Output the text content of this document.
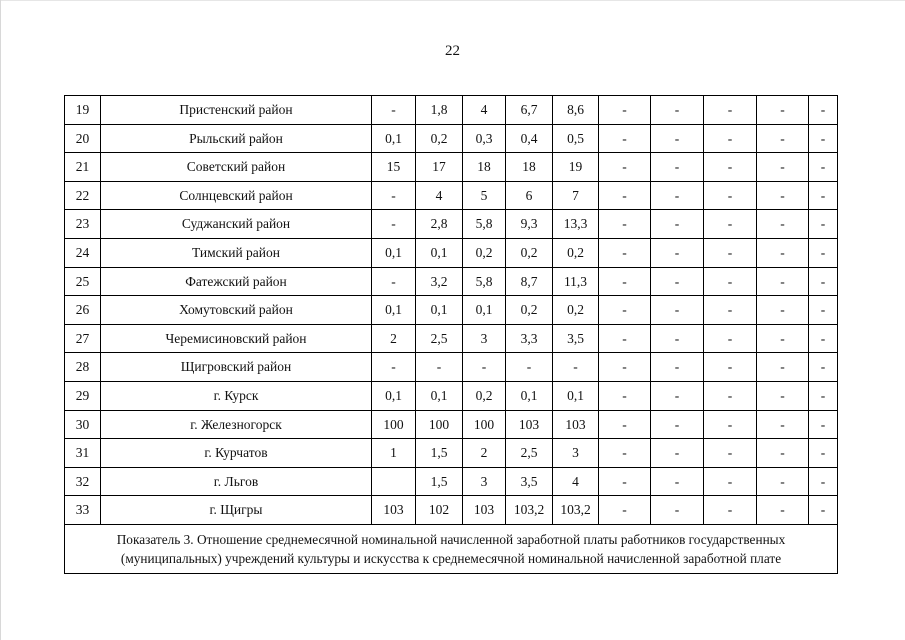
22
19	Пристенский район	-	1,8	4	6,7	8,6	-	-	-	-	-
20	Рыльский район	0,1	0,2	0,3	0,4	0,5	-	-	-	-	-
21	Советский район	15	17	18	18	19	-	-	-	-	-
22	Солнцевский район	-	4	5	6	7	-	-	-	-	-
23	Суджанский район	-	2,8	5,8	9,3	13,3	-	-	-	-	-
24	Тимский район	0,1	0,1	0,2	0,2	0,2	-	-	-	-	-
25	Фатежский район	-	3,2	5,8	8,7	11,3	-	-	-	-	-
26	Хомутовский район	0,1	0,1	0,1	0,2	0,2	-	-	-	-	-
27	Черемисиновский район	2	2,5	3	3,3	3,5	-	-	-	-	-
28	Щигровский район	-	-	-	-	-	-	-	-	-	-
29	г. Курск	0,1	0,1	0,2	0,1	0,1	-	-	-	-	-
30	г. Железногорск	100	100	100	103	103	-	-	-	-	-
31	г. Курчатов	1	1,5	2	2,5	3	-	-	-	-	-
32	г. Льгов		1,5	3	3,5	4	-	-	-	-	-
33	г. Щигры	103	102	103	103,2	103,2	-	-	-	-	-
Показатель 3. Отношение среднемесячной номинальной начисленной заработной платы работников государственных (муниципальных) учреждений культуры и искусства к среднемесячной номинальной начисленной заработной плате											
